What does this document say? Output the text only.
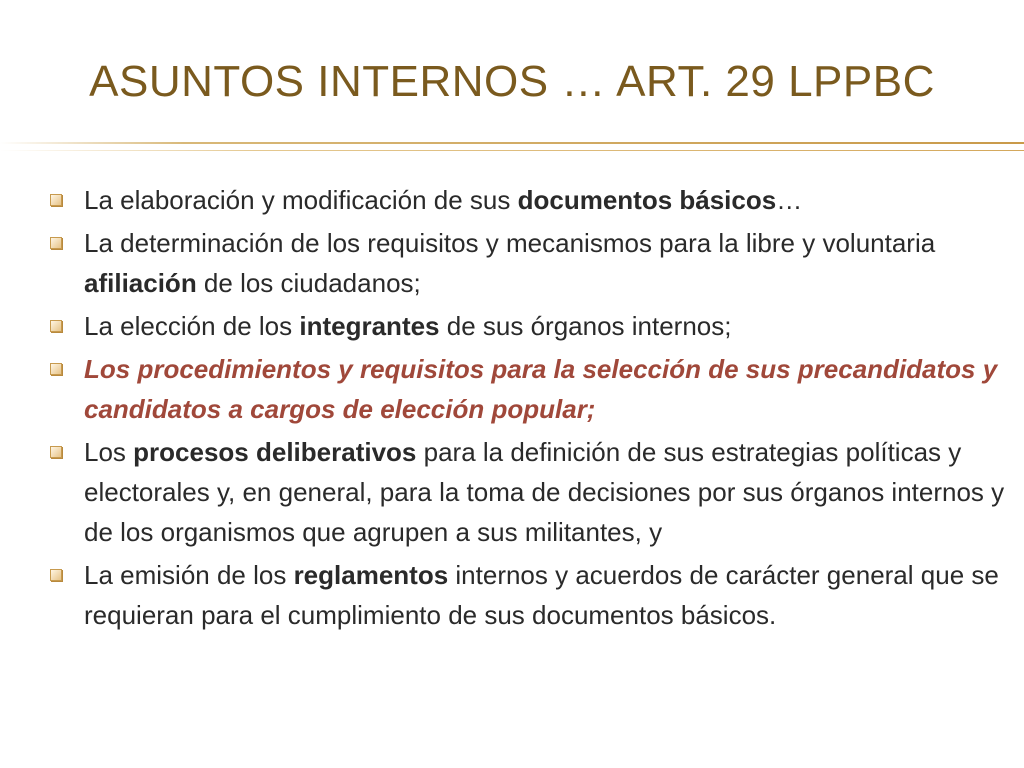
ASUNTOS INTERNOS … ART. 29 LPPBC
La elaboración y modificación de sus documentos básicos…
La determinación de los requisitos y mecanismos para la libre y voluntaria afiliación de los ciudadanos;
La elección de los integrantes de sus órganos internos;
Los procedimientos y requisitos para la selección de sus precandidatos y candidatos a cargos de elección popular;
Los procesos deliberativos para la definición de sus estrategias políticas y electorales y, en general, para la toma de decisiones por sus órganos internos y de los organismos que agrupen a sus militantes, y
La emisión de los reglamentos internos y acuerdos de carácter general que se requieran para el cumplimiento de sus documentos básicos.
